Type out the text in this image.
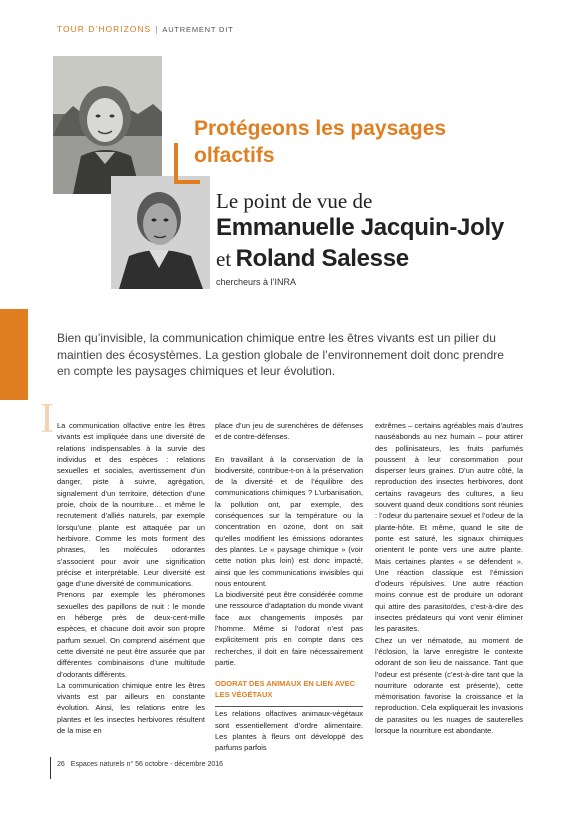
TOUR D’HORIZONS | AUTREMENT DIT
Protégeons les paysages olfactifs
Le point de vue de
Emmanuelle Jacquin-Joly
et Roland Salesse
chercheurs à l’INRA
Bien qu’invisible, la communication chimique entre les êtres vivants est un pilier du maintien des écosystèmes. La gestion globale de l’environnement doit donc prendre en compte les paysages chimiques et leur évolution.
I La communication olfactive entre les êtres vivants est impliquée dans une diversité de relations indispensables à la survie des individus et des espèces : relations sexuelles et sociales, avertissement d’un danger, piste à suivre, agrégation, signalement d’un territoire, détection d’une proie, choix de la nourriture… et même le recrutement d’alliés naturels, par exemple lorsqu’une plante est attaquée par un herbivore. Comme les mots forment des phrases, les molécules odorantes s’associent pour avoir une signification précise et interprétable. Leur diversité est gage d’une diversité de communications.

Prenons par exemple les phéromones sexuelles des papillons de nuit : le monde en héberge près de deux-cent-mille espèces, et chacune doit avoir son propre parfum sexuel. On comprend aisément que cette diversité ne peut être assurée que par différentes combinaisons d’une multitude d’odorants différents.

La communication chimique entre les êtres vivants est par ailleurs en constante évolution. Ainsi, les relations entre les plantes et les insectes herbivores résultent de la mise en

place d’un jeu de surenchères de défenses et de contre-défenses.

En travaillant à la conservation de la biodiversité, contribue-t-on à la préservation de la diversité et de l’équilibre des communications chimiques ? L’urbanisation, la pollution ont, par exemple, des conséquences sur la température ou la concentration en ozone, dont on sait qu’elles modifient les émissions odorantes des plantes. Le « paysage chimique » (voir cette notion plus loin) est donc impacté, ainsi que les communications invisibles qui nous entourent.

La biodiversité peut être considérée comme une ressource d’adaptation du monde vivant face aux changements imposés par l’homme. Même si l’odorat n’est pas explicitement pris en compte dans ces recherches, il doit en faire nécessairement partie.

ODORAT DES ANIMAUX EN LIEN AVEC LES VÉGÉTAUX

Les relations olfactives animaux-végétaux sont essentiellement d’ordre alimentaire. Les plantes à fleurs ont développé des parfums parfois

extrêmes – certains agréables mais d’autres nauséabonds au nez humain – pour attirer des pollinisateurs, les fruits parfumés poussent à leur consommation pour disperser leurs graines. D’un autre côté, la reproduction des insectes herbivores, dont certains ravageurs des cultures, a lieu souvent quand deux conditions sont réunies : l’odeur du partenaire sexuel et l’odeur de la plante-hôte. Et même, quand le site de ponte est saturé, les signaux chimiques orientent le ponte vers une autre plante. Mais certaines plantes « se défendent ». Une réaction classique est l’émission d’odeurs répulsives. Une autre réaction moins connue est de produire un odorant qui attire des parasitoïdes, c’est-à-dire des insectes prédateurs qui vont venir éliminer les parasites.

Chez un ver nématode, au moment de l’éclosion, la larve enregistre le contexte odorant de son lieu de naissance. Tant que l’odeur est présente (c’est-à-dire tant que la nourriture odorante est présente), cette mémorisation favorise la croissance et la reproduction. Cela expliquerait les invasions de parasites ou les nuages de sauterelles lorsque la nourriture est abondante.

26 Espaces naturels n° 56 octobre - décembre 2016
